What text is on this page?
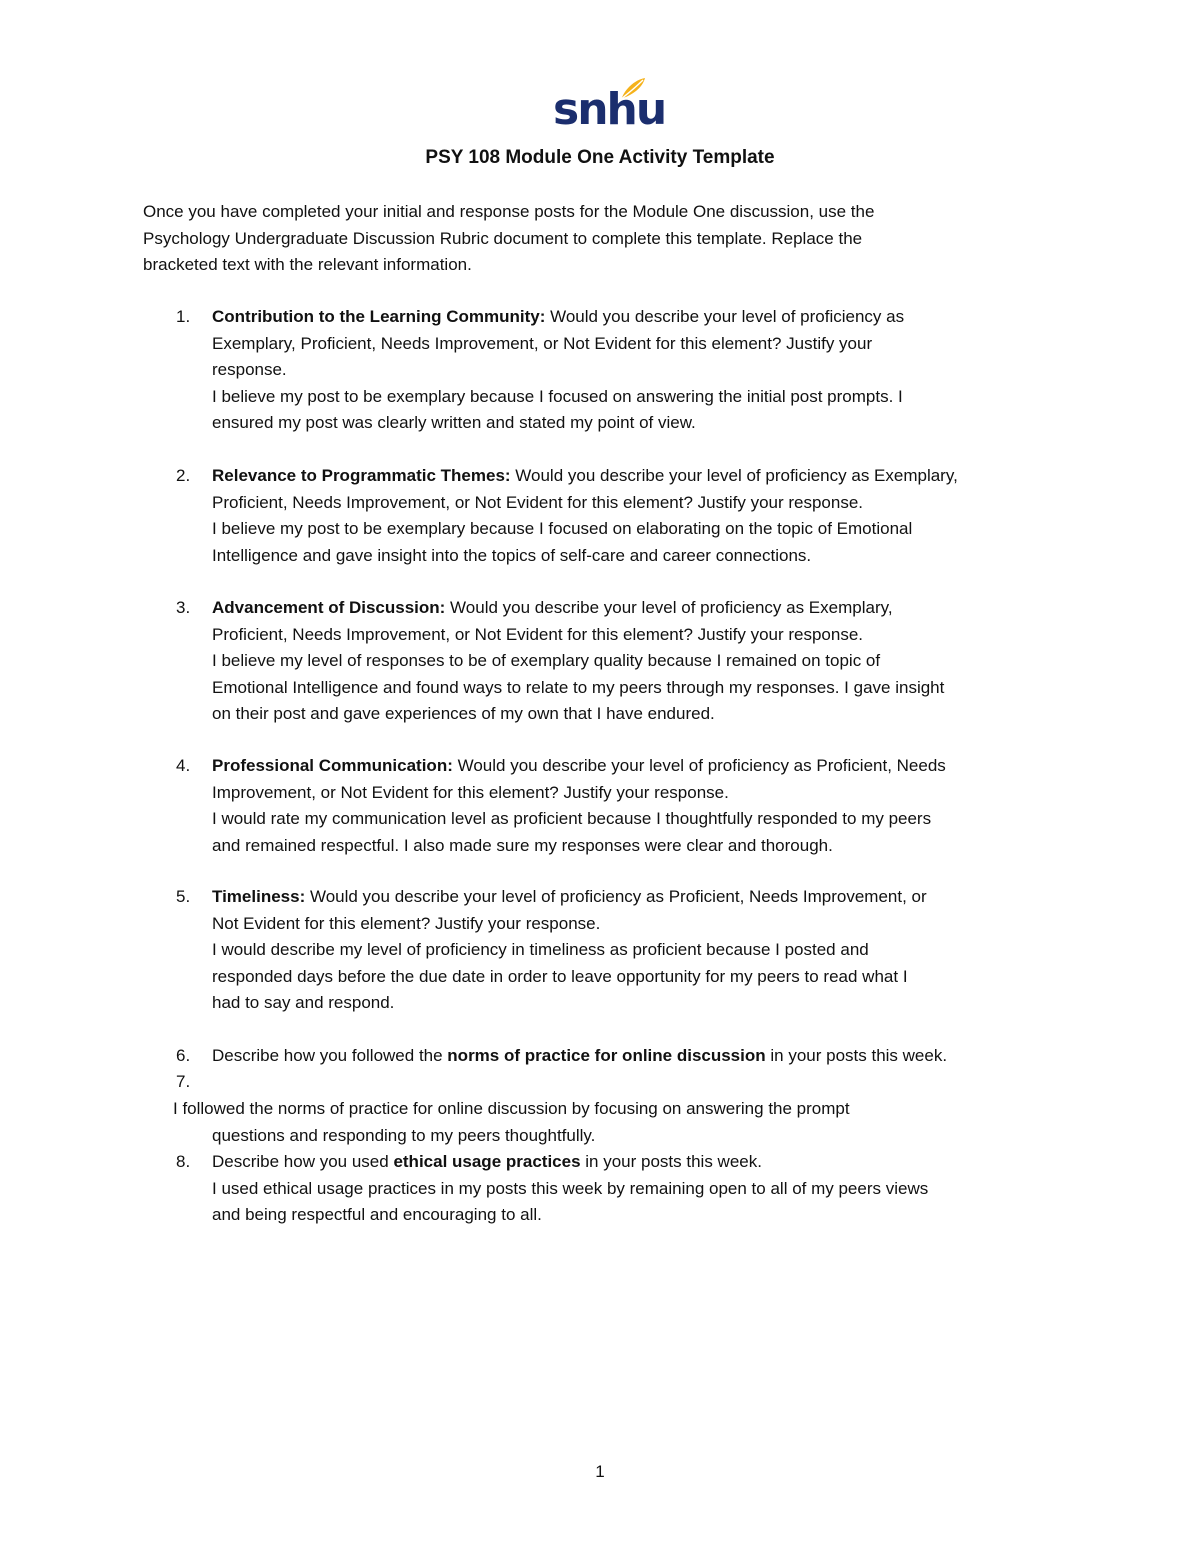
snhu
PSY 108 Module One Activity Template
Once you have completed your initial and response posts for the Module One discussion, use the
Psychology Undergraduate Discussion Rubric document to complete this template. Replace the
bracketed text with the relevant information.
1.	Contribution to the Learning Community: Would you describe your level of proficiency as
Exemplary, Proficient, Needs Improvement, or Not Evident for this element? Justify your
response.
I believe my post to be exemplary because I focused on answering the initial post prompts. I
ensured my post was clearly written and stated my point of view.
2.	Relevance to Programmatic Themes: Would you describe your level of proficiency as Exemplary,
Proficient, Needs Improvement, or Not Evident for this element? Justify your response.
I believe my post to be exemplary because I focused on elaborating on the topic of Emotional
Intelligence and gave insight into the topics of self-care and career connections.
3.	Advancement of Discussion: Would you describe your level of proficiency as Exemplary,
Proficient, Needs Improvement, or Not Evident for this element? Justify your response.
I believe my level of responses to be of exemplary quality because I remained on topic of
Emotional Intelligence and found ways to relate to my peers through my responses. I gave insight
on their post and gave experiences of my own that I have endured.
4.	Professional Communication: Would you describe your level of proficiency as Proficient, Needs
Improvement, or Not Evident for this element? Justify your response.
I would rate my communication level as proficient because I thoughtfully responded to my peers
and remained respectful. I also made sure my responses were clear and thorough.
5.	Timeliness: Would you describe your level of proficiency as Proficient, Needs Improvement, or
Not Evident for this element? Justify your response.
I would describe my level of proficiency in timeliness as proficient because I posted and
responded days before the due date in order to leave opportunity for my peers to read what I
had to say and respond.
6.	Describe how you followed the norms of practice for online discussion in your posts this week.
7.
I followed the norms of practice for online discussion by focusing on answering the prompt
questions and responding to my peers thoughtfully.
8.	Describe how you used ethical usage practices in your posts this week.
I used ethical usage practices in my posts this week by remaining open to all of my peers views
and being respectful and encouraging to all.
1
